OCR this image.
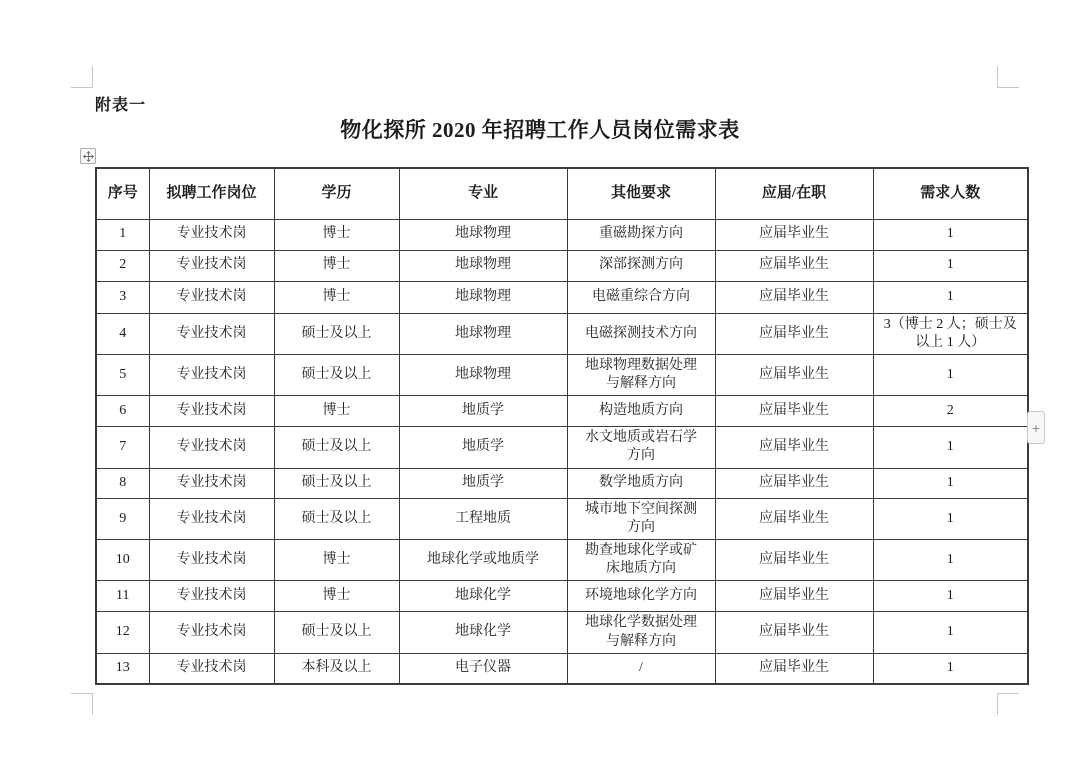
附表一
物化探所 2020 年招聘工作人员岗位需求表
序号	拟聘工作岗位	学历	专业	其他要求	应届/在职	需求人数
1	专业技术岗	博士	地球物理	重磁勘探方向	应届毕业生	1
2	专业技术岗	博士	地球物理	深部探测方向	应届毕业生	1
3	专业技术岗	博士	地球物理	电磁重综合方向	应届毕业生	1
4	专业技术岗	硕士及以上	地球物理	电磁探测技术方向	应届毕业生	3（博士 2 人；硕士及以上 1 人）
5	专业技术岗	硕士及以上	地球物理	地球物理数据处理与解释方向	应届毕业生	1
6	专业技术岗	博士	地质学	构造地质方向	应届毕业生	2
7	专业技术岗	硕士及以上	地质学	水文地质或岩石学方向	应届毕业生	1
8	专业技术岗	硕士及以上	地质学	数学地质方向	应届毕业生	1
9	专业技术岗	硕士及以上	工程地质	城市地下空间探测方向	应届毕业生	1
10	专业技术岗	博士	地球化学或地质学	勘查地球化学或矿床地质方向	应届毕业生	1
11	专业技术岗	博士	地球化学	环境地球化学方向	应届毕业生	1
12	专业技术岗	硕士及以上	地球化学	地球化学数据处理与解释方向	应届毕业生	1
13	专业技术岗	本科及以上	电子仪器	/	应届毕业生	1
+
